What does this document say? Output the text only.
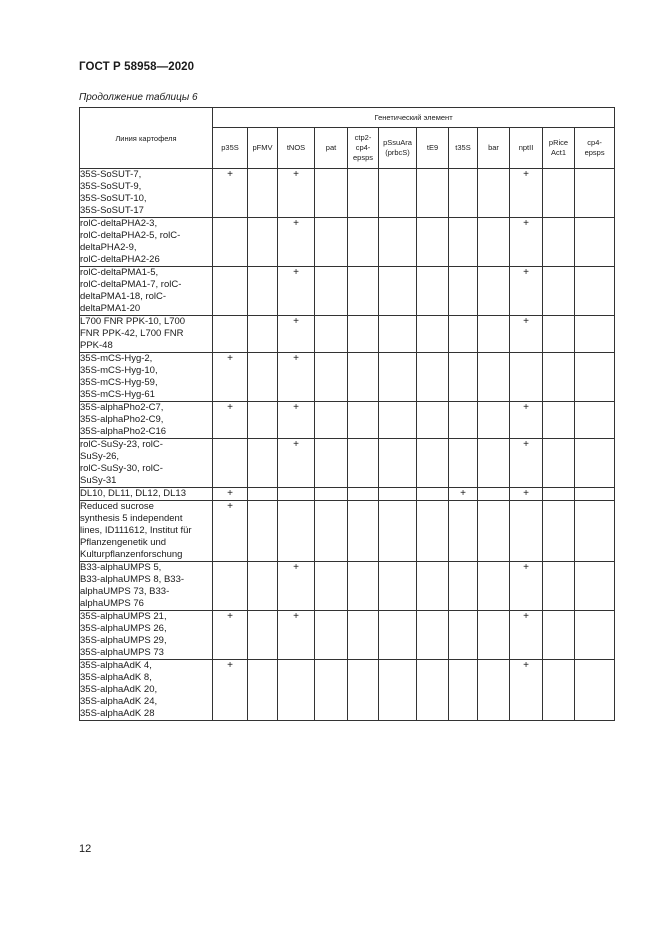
ГОСТ Р 58958—2020
Продолжение таблицы 6
Линия картофеля	Генетический элемент											
	p35S	pFMV	tNOS	pat	ctp2-
cp4-
epsps	pSsuAra
(prbcS)	tE9	t35S	bar	nptII	pRice
Act1	cp4-
epsps
35S-SoSUT-7,
35S-SoSUT-9,
35S-SoSUT-10,
35S-SoSUT-17	+		+							+		
rolC-deltaPHA2-3,
rolC-deltaPHA2-5, rolC-
deltaPHA2-9,
rolC-deltaPHA2-26			+							+		
rolC-deltaPMA1-5,
rolC-deltaPMA1-7, rolC-
deltaPMA1-18, rolC-
deltaPMA1-20			+							+		
L700 FNR PPK-10, L700
FNR PPK-42, L700 FNR
PPK-48			+							+		
35S-mCS-Hyg-2,
35S-mCS-Hyg-10,
35S-mCS-Hyg-59,
35S-mCS-Hyg-61	+		+									
35S-alphaPho2-C7,
35S-alphaPho2-C9,
35S-alphaPho2-C16	+		+							+		
rolC-SuSy-23, rolC-
SuSy-26,
rolC-SuSy-30, rolC-
SuSy-31			+							+		
DL10, DL11, DL12, DL13	+							+		+		
Reduced sucrose
synthesis 5 independent
lines, ID111612, Institut für
Pflanzengenetik und
Kulturpflanzenforschung	+											
B33-alphaUMPS 5,
B33-alphaUMPS 8, B33-
alphaUMPS 73, B33-
alphaUMPS 76			+							+		
35S-alphaUMPS 21,
35S-alphaUMPS 26,
35S-alphaUMPS 29,
35S-alphaUMPS 73	+		+							+		
35S-alphaAdK 4,
35S-alphaAdK 8,
35S-alphaAdK 20,
35S-alphaAdK 24,
35S-alphaAdK 28	+									+		
12
